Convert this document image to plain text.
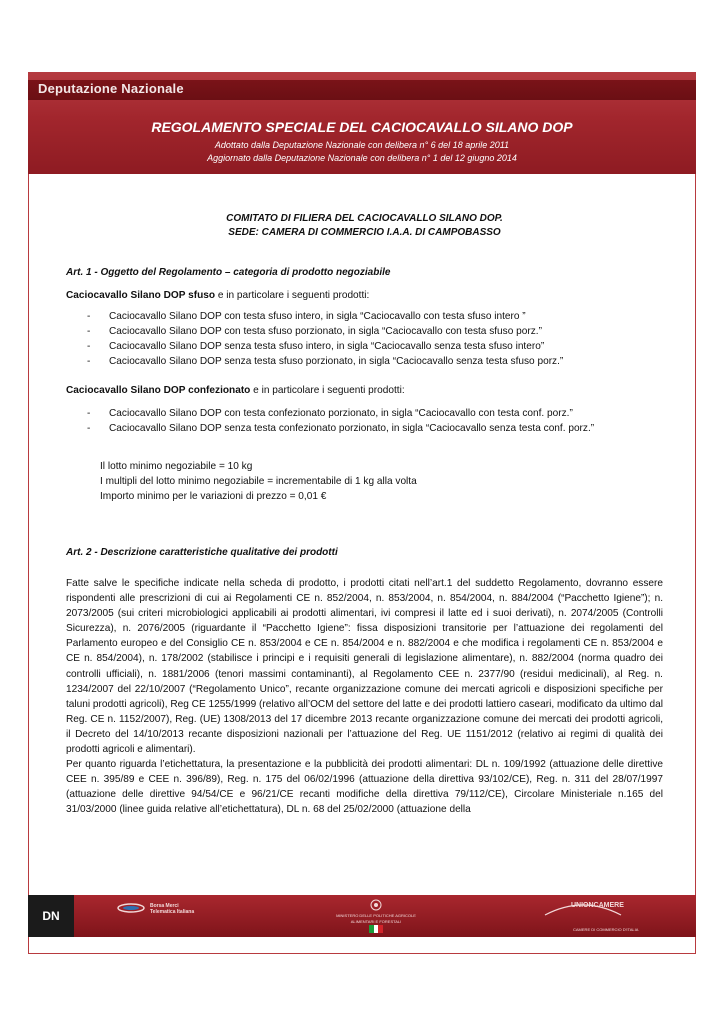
Deputazione Nazionale
REGOLAMENTO SPECIALE DEL CACIOCAVALLO SILANO DOP
Adottato dalla Deputazione Nazionale con delibera n° 6 del 18 aprile 2011
Aggiornato dalla Deputazione Nazionale con delibera n° 1 del 12 giugno 2014
COMITATO DI FILIERA DEL CACIOCAVALLO SILANO DOP.
SEDE: CAMERA DI COMMERCIO I.A.A. DI CAMPOBASSO
Art. 1 - Oggetto del Regolamento – categoria di prodotto negoziabile
Caciocavallo Silano DOP sfuso e in particolare i seguenti prodotti:
- Caciocavallo Silano DOP con testa sfuso intero, in sigla “Caciocavallo con testa sfuso intero ”
- Caciocavallo Silano DOP con testa sfuso porzionato, in sigla “Caciocavallo con testa sfuso porz.”
- Caciocavallo Silano DOP senza testa sfuso intero, in sigla “Caciocavallo senza testa sfuso intero”
- Caciocavallo Silano DOP senza testa sfuso porzionato, in sigla “Caciocavallo senza testa sfuso porz.”
Caciocavallo Silano DOP confezionato e in particolare i seguenti prodotti:
- Caciocavallo Silano DOP con testa confezionato porzionato, in sigla “Caciocavallo con testa conf. porz.”
- Caciocavallo Silano DOP senza testa confezionato porzionato, in sigla “Caciocavallo senza testa conf. porz.”
Il lotto minimo negoziabile = 10 kg
I multipli del lotto minimo negoziabile = incrementabile di 1 kg alla volta
Importo minimo per le variazioni di prezzo = 0,01 €
Art. 2 - Descrizione caratteristiche qualitative dei prodotti

Fatte salve le specifiche indicate nella scheda di prodotto, i prodotti citati nell’art.1 del suddetto Regolamento, dovranno essere rispondenti alle prescrizioni di cui ai Regolamenti CE n. 852/2004, n. 853/2004, n. 854/2004, n. 884/2004 (“Pacchetto Igiene”); n. 2073/2005 (sui criteri microbiologici applicabili ai prodotti alimentari, ivi compresi il latte ed i suoi derivati), n. 2074/2005 (Controlli Sicurezza), n. 2076/2005 (riguardante il “Pacchetto Igiene”: fissa disposizioni transitorie per l’attuazione dei regolamenti del Parlamento europeo e del Consiglio CE n. 853/2004 e CE n. 854/2004 e n. 882/2004 e che modifica i regolamenti CE n. 853/2004 e CE n. 854/2004), n. 178/2002 (stabilisce i principi e i requisiti generali di legislazione alimentare), n. 882/2004 (norma quadro dei controlli ufficiali), n. 1881/2006 (tenori massimi contaminanti), al Regolamento CEE n. 2377/90 (residui medicinali), al Reg. n. 1234/2007 del 22/10/2007 (“Regolamento Unico”, recante organizzazione comune dei mercati agricoli e disposizioni specifiche per taluni prodotti agricoli), Reg CE 1255/1999 (relativo all’OCM del settore del latte e dei prodotti lattiero caseari, modificato da ultimo dal Reg. CE n. 1152/2007), Reg. (UE) 1308/2013 del 17 dicembre 2013 recante organizzazione comune dei mercati dei prodotti agricoli, il Decreto del 14/10/2013 recante disposizioni nazionali per l’attuazione del Reg. UE 1151/2012 (relativo ai regimi di qualità dei prodotti agricoli e alimentari).

Per quanto riguarda l’etichettatura, la presentazione e la pubblicità dei prodotti alimentari: DL n. 109/1992 (attuazione delle direttive CEE n. 395/89 e CEE n. 396/89), Reg. n. 175 del 06/02/1996 (attuazione della direttiva 93/102/CE), Reg. n. 311 del 28/07/1997 (attuazione delle direttive 94/54/CE e 96/21/CE recanti modifiche della direttiva 79/112/CE), Circolare Ministeriale n.165 del 31/03/2000 (linee guida relative all’etichettatura), DL n. 68 del 25/02/2000 (attuazione della

DN
Borsa Merci
Telematica Italiana
MINISTERO DELLE POLITICHE AGRICOLE
ALIMENTARI E FORESTALI
UNIONCAMERE
CAMERE DI COMMERCIO D'ITALIA
